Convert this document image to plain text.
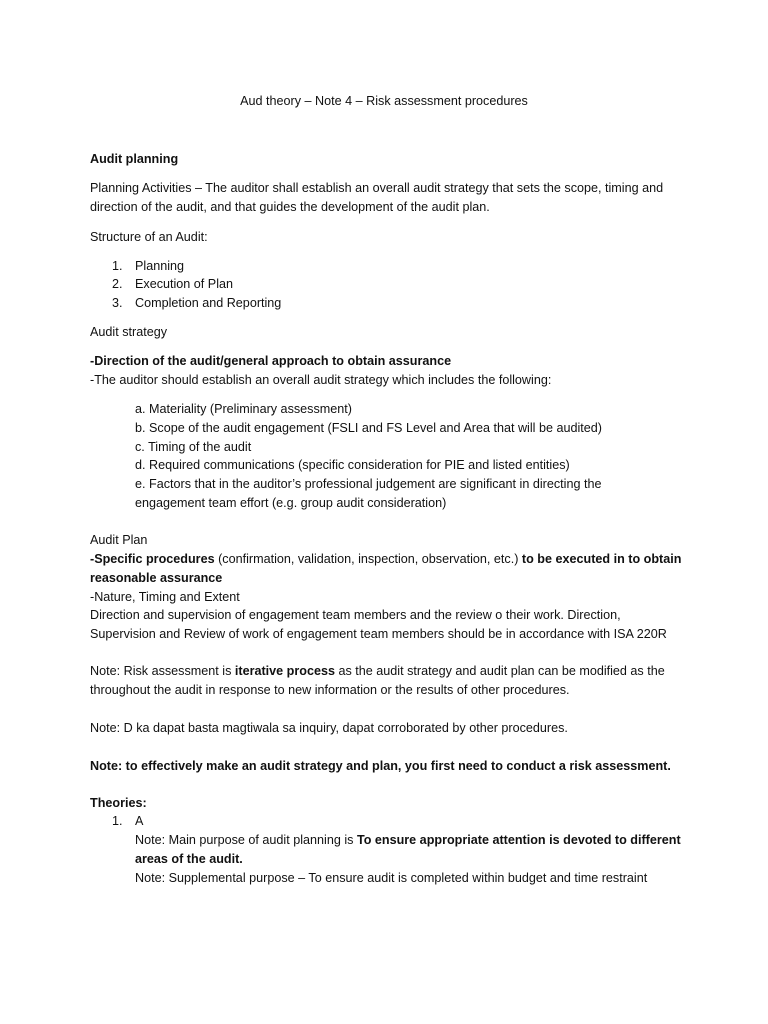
Aud theory – Note 4 – Risk assessment procedures
Audit planning
Planning Activities – The auditor shall establish an overall audit strategy that sets the scope, timing and
direction of the audit, and that guides the development of the audit plan.
Structure of an Audit:
1. Planning
2. Execution of Plan
3. Completion and Reporting
Audit strategy
-Direction of the audit/general approach to obtain assurance
-The auditor should establish an overall audit strategy which includes the following:
a. Materiality (Preliminary assessment)
b. Scope of the audit engagement (FSLI and FS Level and Area that will be audited)
c. Timing of the audit
d. Required communications (specific consideration for PIE and listed entities)
e. Factors that in the auditor’s professional judgement are significant in directing the
engagement team effort (e.g. group audit consideration)
Audit Plan
-Specific procedures (confirmation, validation, inspection, observation, etc.) to be executed in to obtain
reasonable assurance
-Nature, Timing and Extent
Direction and supervision of engagement team members and the review o their work. Direction,
Supervision and Review of work of engagement team members should be in accordance with ISA 220R
Note: Risk assessment is iterative process as the audit strategy and audit plan can be modified as the
throughout the audit in response to new information or the results of other procedures.
Note: D ka dapat basta magtiwala sa inquiry, dapat corroborated by other procedures.
Note: to effectively make an audit strategy and plan, you first need to conduct a risk assessment.
Theories:
1. A
Note: Main purpose of audit planning is To ensure appropriate attention is devoted to different
areas of the audit.
Note: Supplemental purpose – To ensure audit is completed within budget and time restraint
